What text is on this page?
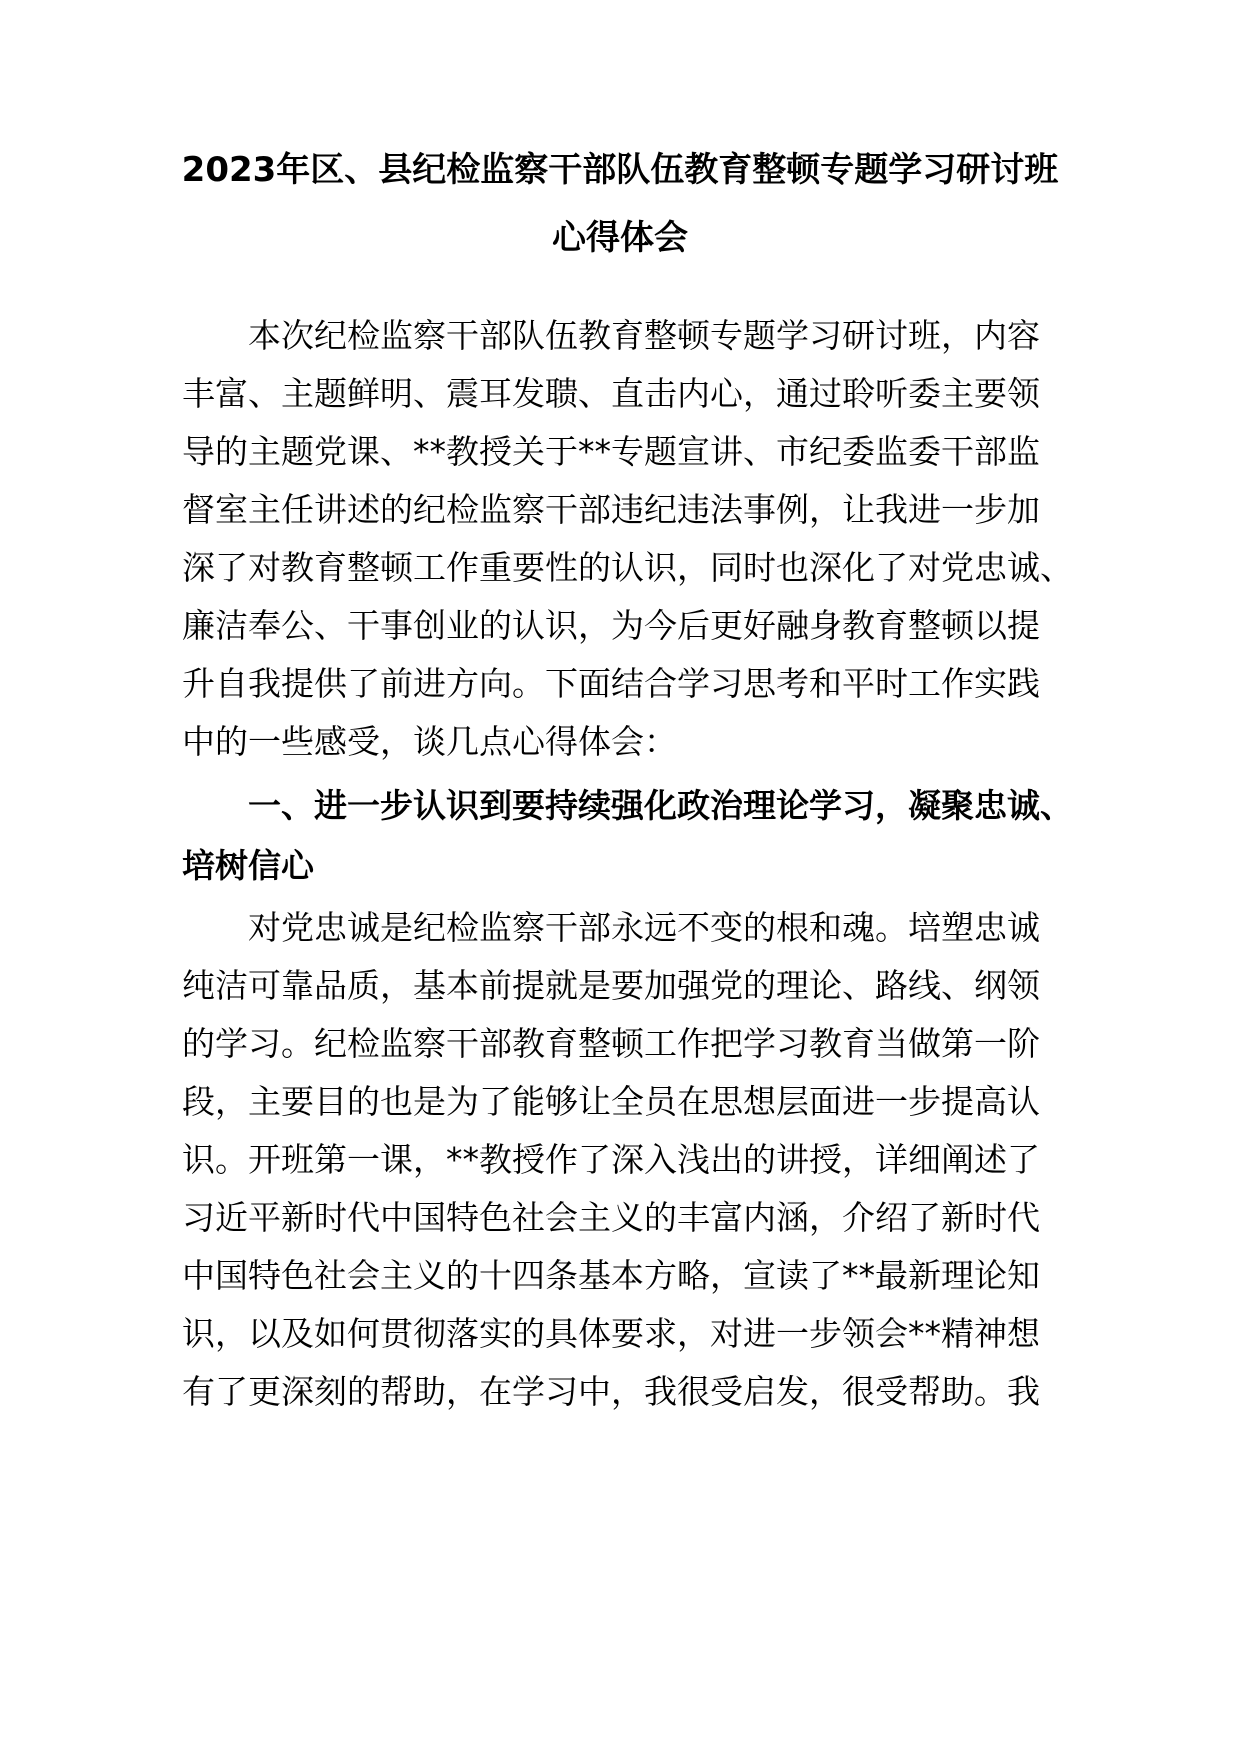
2023年区、县纪检监察干部队伍教育整顿专题学习研讨班
心得体会
　　本次纪检监察干部队伍教育整顿专题学习研讨班，内容
丰富、主题鲜明、震耳发聩、直击内心，通过聆听委主要领
导的主题党课、**教授关于**专题宣讲、市纪委监委干部监
督室主任讲述的纪检监察干部违纪违法事例，让我进一步加
深了对教育整顿工作重要性的认识，同时也深化了对党忠诚、
廉洁奉公、干事创业的认识，为今后更好融身教育整顿以提
升自我提供了前进方向。下面结合学习思考和平时工作实践
中的一些感受，谈几点心得体会：
　　一、进一步认识到要持续强化政治理论学习，凝聚忠诚、
培树信心
　　对党忠诚是纪检监察干部永远不变的根和魂。培塑忠诚
纯洁可靠品质，基本前提就是要加强党的理论、路线、纲领
的学习。纪检监察干部教育整顿工作把学习教育当做第一阶
段，主要目的也是为了能够让全员在思想层面进一步提高认
识。开班第一课，**教授作了深入浅出的讲授，详细阐述了
习近平新时代中国特色社会主义的丰富内涵，介绍了新时代
中国特色社会主义的十四条基本方略，宣读了**最新理论知
识，以及如何贯彻落实的具体要求，对进一步领会**精神想
有了更深刻的帮助，在学习中，我很受启发，很受帮助。我
